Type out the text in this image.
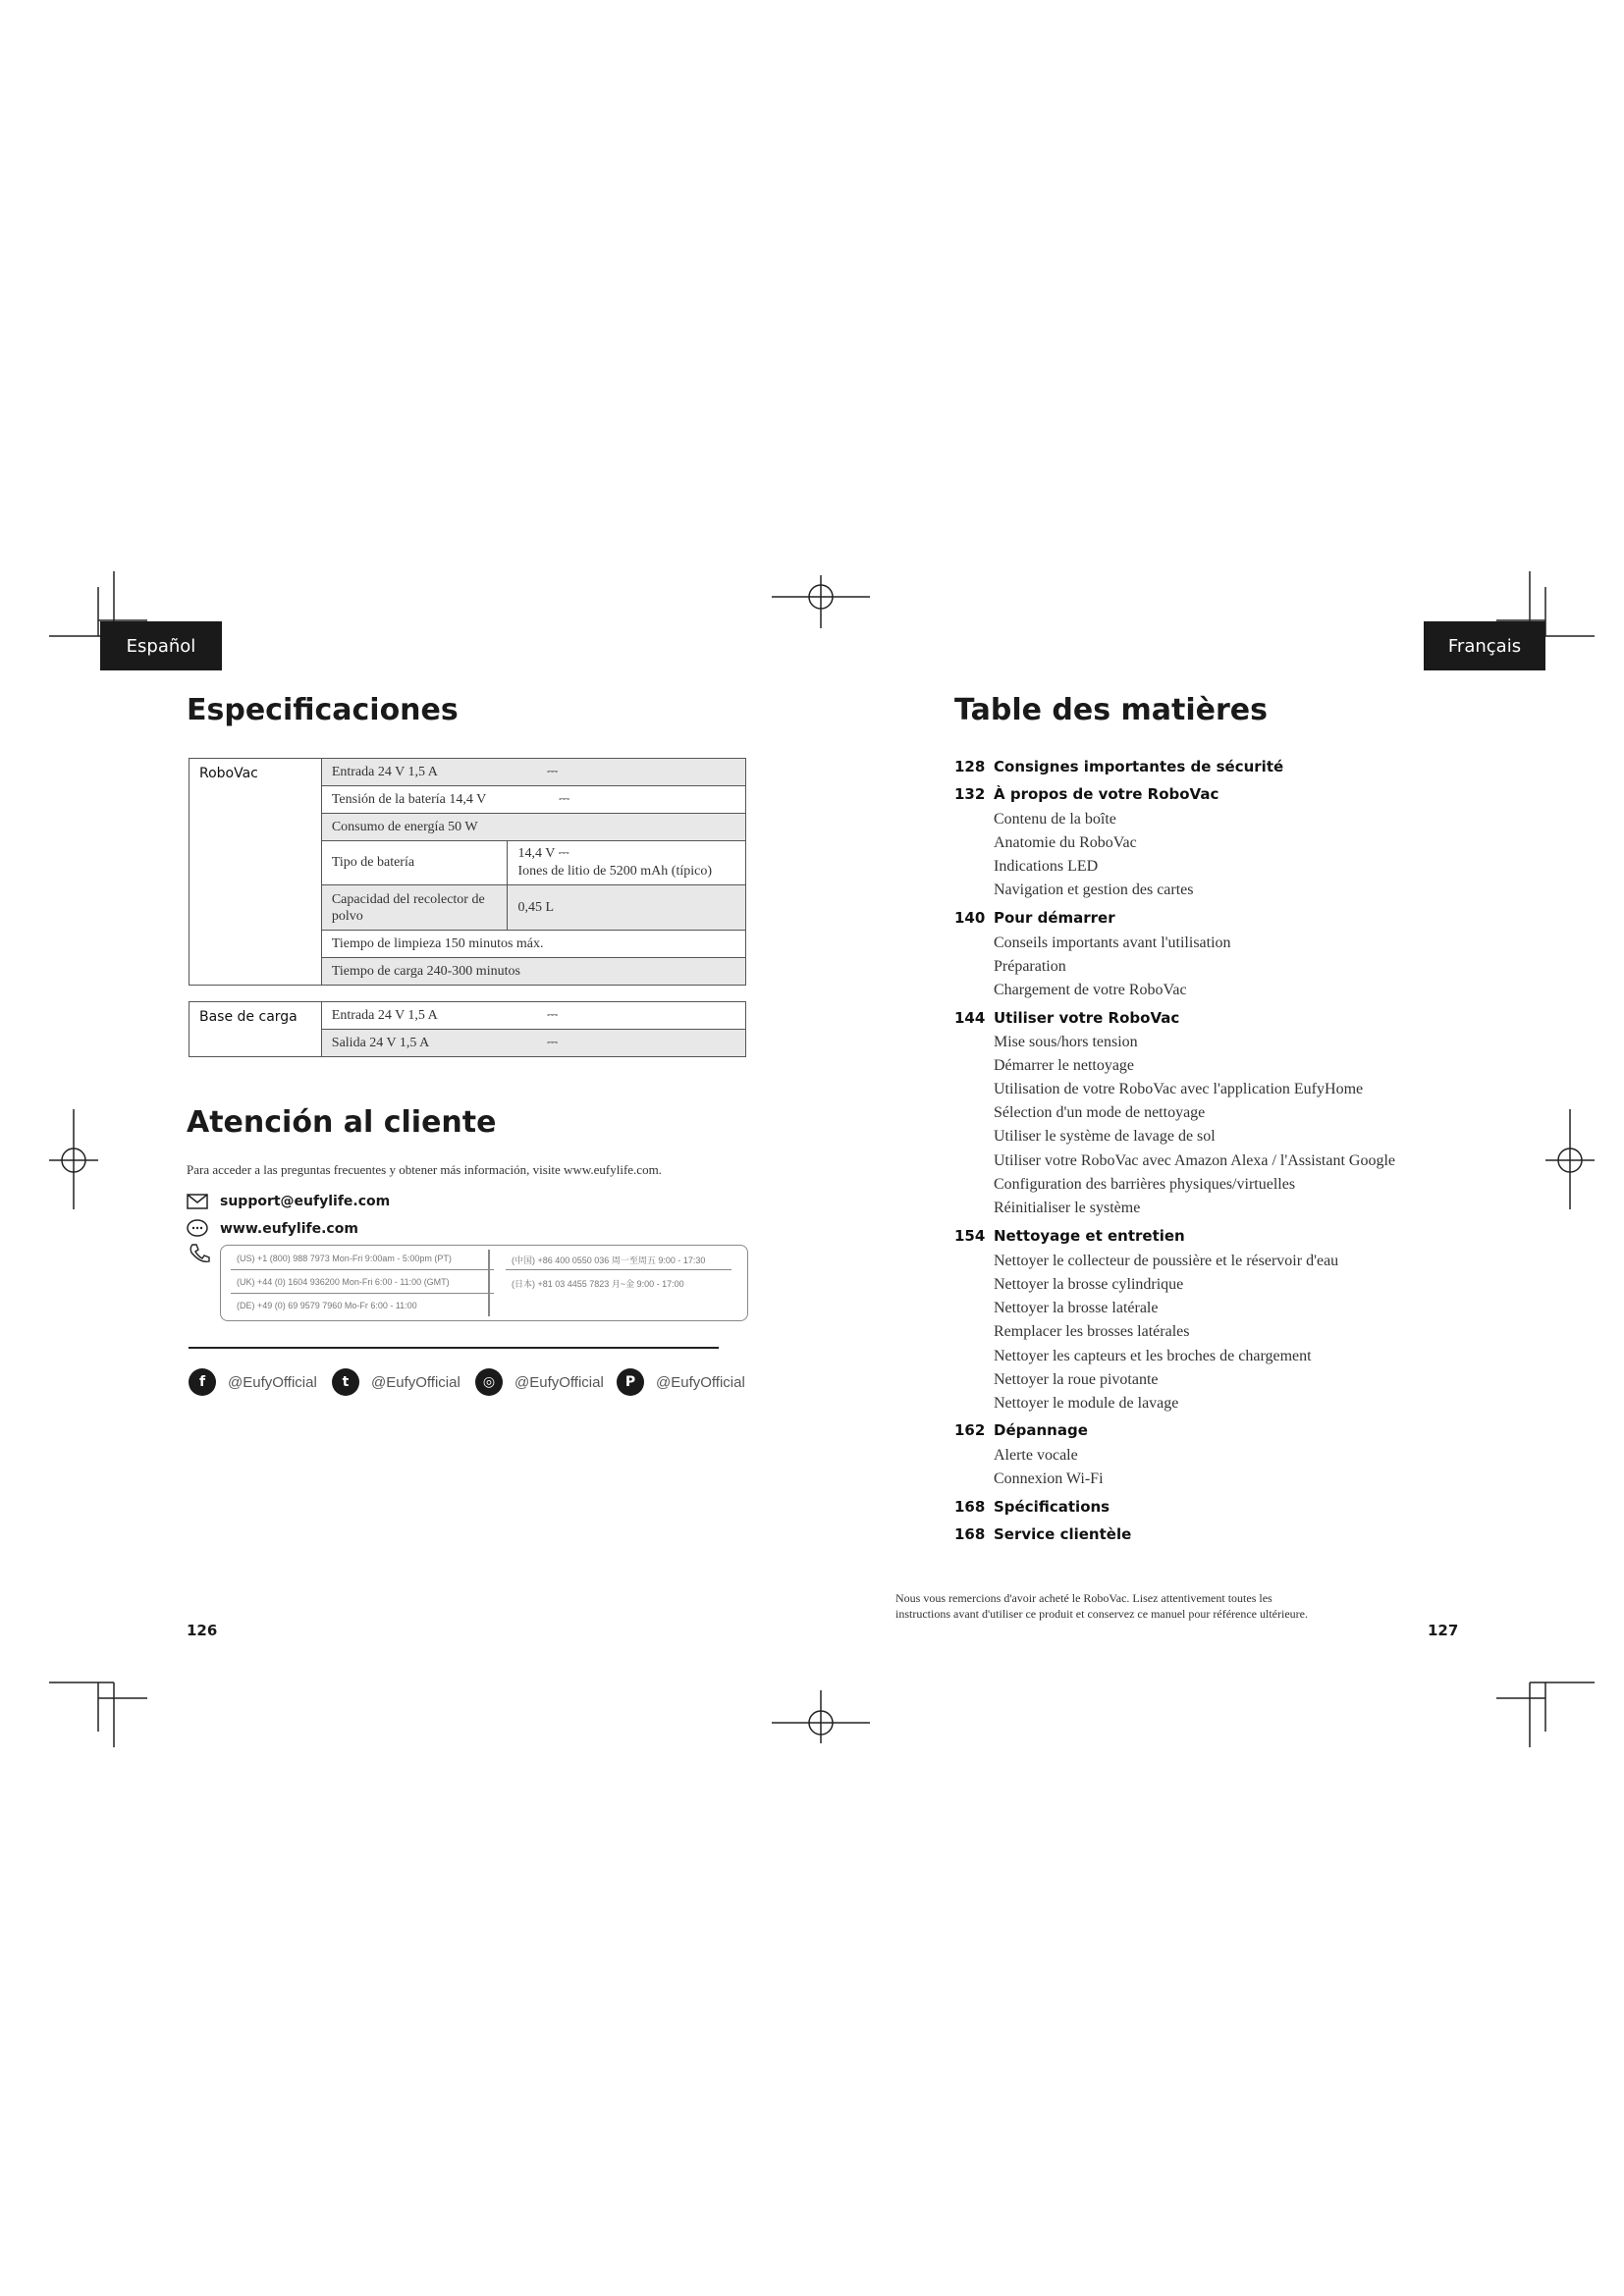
Español	Français
Especificaciones
RoboVac	Entrada 24 V 1,5 A	⎓
	Tensión de la batería 14,4 V	⎓
	Consumo de energía 50 W	
	Tipo de batería	14,4 V ⎓
Iones de litio de 5200 mAh (típico)

	Capacidad del recolector de
polvo	0,45 L
	Tiempo de limpieza 150 minutos máx.	
	Tiempo de carga 240-300 minutos	
Base de carga	Entrada 24 V 1,5 A	⎓
	Salida 24 V 1,5 A	⎓
Atención al cliente
Para acceder a las preguntas frecuentes y obtener más información, visite www.eufylife.com.
support@eufylife.com
www.eufylife.com
(US) +1 (800) 988 7973 Mon-Fri 9:00am - 5:00pm (PT)
(UK) +44 (0) 1604 936200 Mon-Fri 6:00 - 11:00 (GMT)
(DE) +49 (0) 69 9579 7960 Mo-Fr 6:00 - 11:00
(中国) +86 400 0550 036 周一至周五 9:00 - 17:30
(日本) +81 03 4455 7823 月~金 9:00 - 17:00
f	@EufyOfficial	t	@EufyOfficial	◎	@EufyOfficial	P	@EufyOfficial
126
Table des matières
128 Consignes importantes de sécurité
132 À propos de votre RoboVac
Contenu de la boîte
Anatomie du RoboVac
Indications LED
Navigation et gestion des cartes
140 Pour démarrer
Conseils importants avant l'utilisation
Préparation
Chargement de votre RoboVac
144 Utiliser votre RoboVac
Mise sous/hors tension
Démarrer le nettoyage
Utilisation de votre RoboVac avec l'application EufyHome
Sélection d'un mode de nettoyage
Utiliser le système de lavage de sol
Utiliser votre RoboVac avec Amazon Alexa / l'Assistant Google
Configuration des barrières physiques/virtuelles
Réinitialiser le système
154 Nettoyage et entretien
Nettoyer le collecteur de poussière et le réservoir d'eau
Nettoyer la brosse cylindrique
Nettoyer la brosse latérale
Remplacer les brosses latérales
Nettoyer les capteurs et les broches de chargement
Nettoyer la roue pivotante
Nettoyer le module de lavage
162 Dépannage
Alerte vocale
Connexion Wi-Fi
168 Spécifications
168 Service clientèle
Nous vous remercions d'avoir acheté le RoboVac. Lisez attentivement toutes les
instructions avant d'utiliser ce produit et conservez ce manuel pour référence ultérieure.
127
